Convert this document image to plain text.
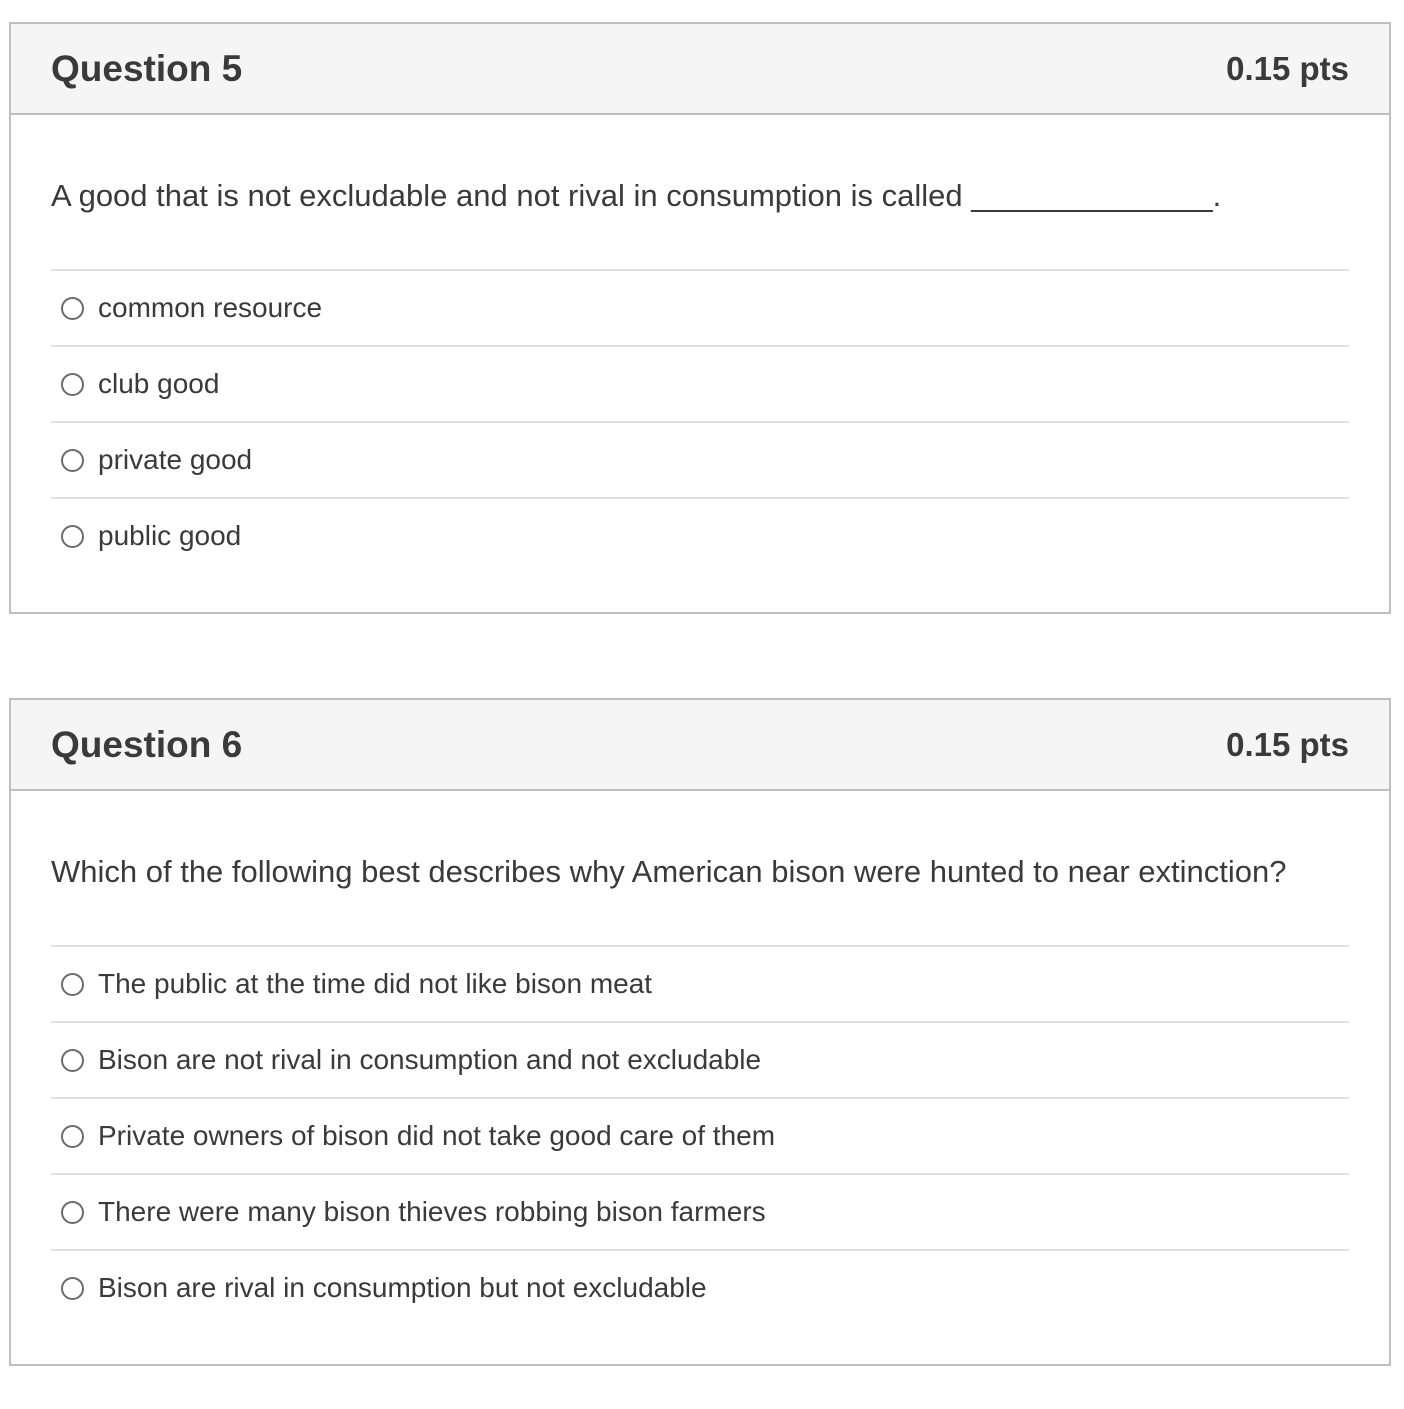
Question 5	0.15 pts

A good that is not excludable and not rival in consumption is called ______________.

common resource
club good
private good
public good
Question 6	0.15 pts

Which of the following best describes why American bison were hunted to near extinction?

The public at the time did not like bison meat
Bison are not rival in consumption and not excludable
Private owners of bison did not take good care of them
There were many bison thieves robbing bison farmers
Bison are rival in consumption but not excludable
